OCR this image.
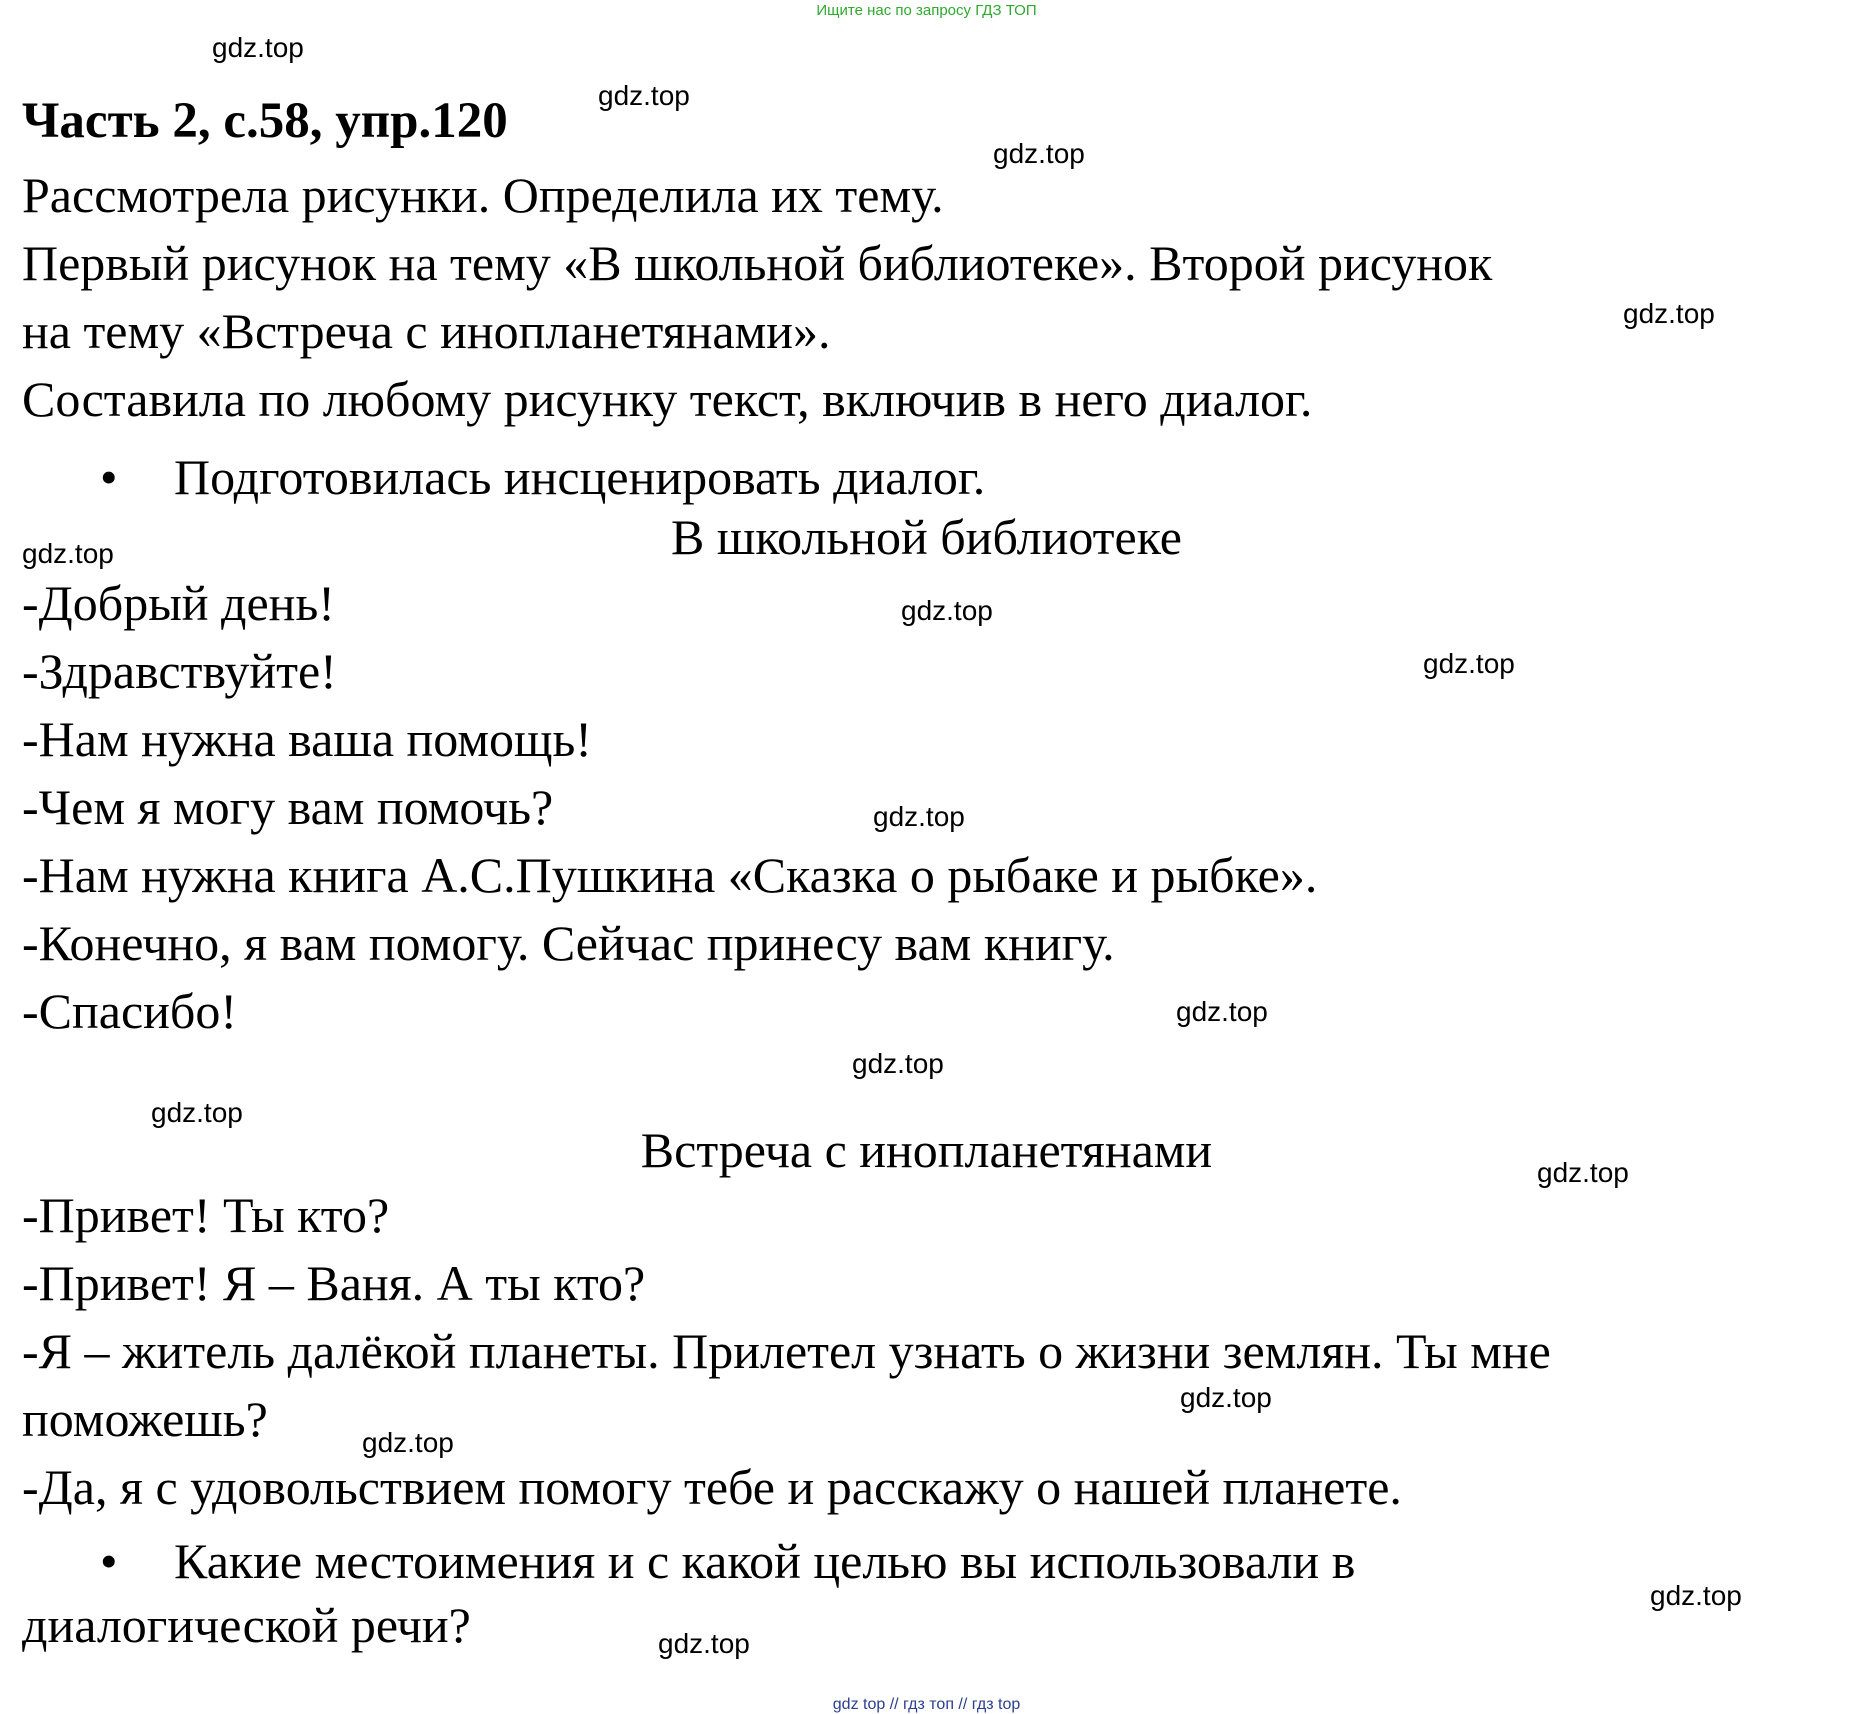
Ищите нас по запросу ГДЗ ТОП
gdz.top
gdz.top
gdz.top
gdz.top
gdz.top
gdz.top
gdz.top
gdz.top
gdz.top
gdz.top
gdz.top
gdz.top
gdz.top
gdz.top
gdz.top
gdz.top
Часть 2, с.58, упр.120
Рассмотрела рисунки. Определила их тему.
Первый рисунок на тему «В школьной библиотеке». Второй рисунок
на тему «Встреча с инопланетянами».
Составила по любому рисунку текст, включив в него диалог.
• Подготовилась инсценировать диалог.
В школьной библиотеке
-Добрый день!
-Здравствуйте!
-Нам нужна ваша помощь!
-Чем я могу вам помочь?
-Нам нужна книга А.С.Пушкина «Сказка о рыбаке и рыбке».
-Конечно, я вам помогу. Сейчас принесу вам книгу.
-Спасибо!
Встреча с инопланетянами
-Привет! Ты кто?
-Привет! Я – Ваня. А ты кто?
-Я – житель далёкой планеты. Прилетел узнать о жизни землян. Ты мне
поможешь?
-Да, я с удовольствием помогу тебе и расскажу о нашей планете.
• Какие местоимения и с какой целью вы использовали в
диалогической речи?
gdz top // гдз топ // гдз top
